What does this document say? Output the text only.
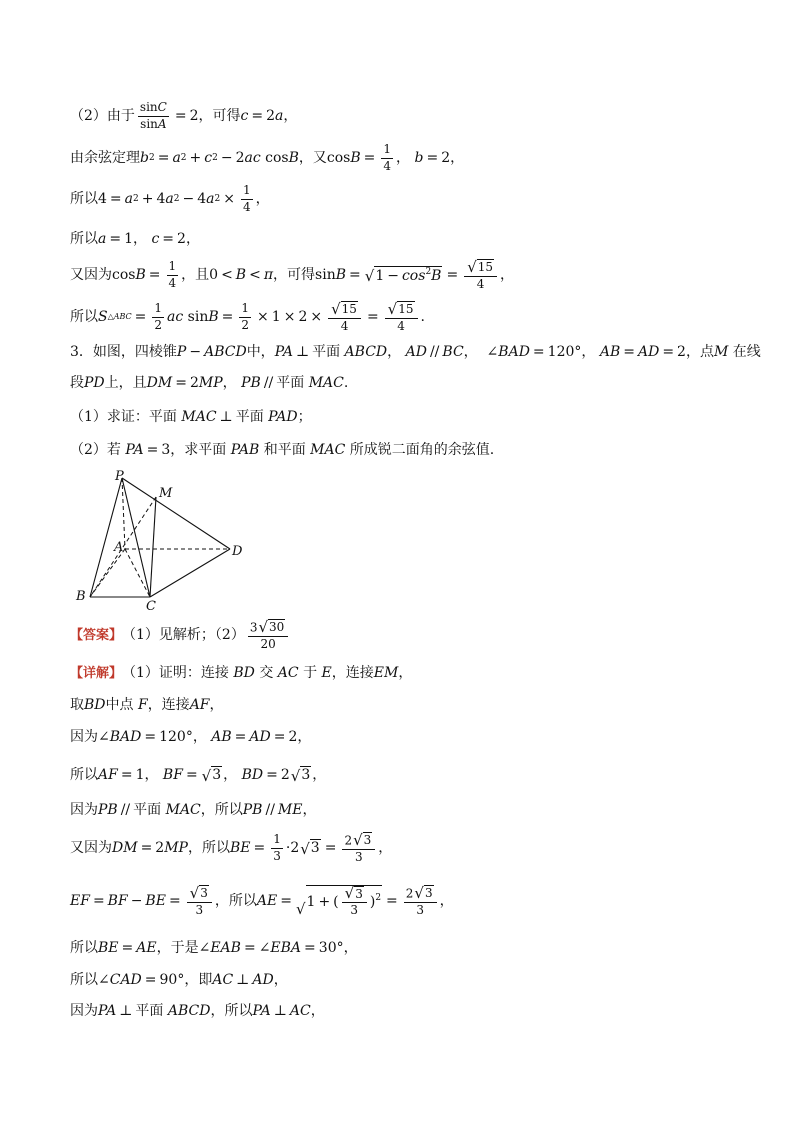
（2）由于 $\frac{\sin C}{\sin A} = 2$ ，可得 c = 2 a ，
由余弦定理 b 2 = a 2 + c 2 − 2 ac cos B ，又 $\cos B = \frac{1}{4}$ ， b = 2，
所以 4 = a 2 + 4 a 2 − 4 a $2 \times \frac{1}{4}$ ，
所以 a = 1， c = 2，
又因为 $\cos B = \frac{1}{4}$ ，且 0 < B < π ，可得 sin B = √ $1 - \cos^2B = \frac{√ 15}{4}$ ，
所以 S △ABC = $\frac{1}{2}$ ac $\sin B = \frac{1}{2} \times 1 \times 2 \times \frac{√ 15}{4} = \frac{√ 15}{4}$ .
3．如图，四棱锥 P − ABCD 中， PA ⊥ 平面 ABCD ， AD // BC ，  ∠ BAD = 120°， AB = AD = 2， 点 M
在线
段 PD 上，且 DM = 2 MP ， PB // 平面 MAC .
（1）求证：平面 MAC ⊥ 平面 PAD ；
（2）若 PA = 3 ，求平面 PAB 和平面 MAC 所成锐二面角的余弦值.
P
M
A	D
B
C
【答案】 （1）见解析；$(2) \frac{3 √ 30}{20}$
【详解】 （1）证明：连接 BD 交 AC 于 E ，连接 EM ，
取 BD 中点 F ，连接 AF ，
因为 ∠ BAD = 120°， AB = AD = 2，
所以 AF = 1， BF = √ 3 ， BD = 2 √ 3 ，
因为 PB // 平面 MAC ，所以 PB // ME ，
又因为 DM = 2 MP ，所以 BE = $\frac{1}{3} \cdot 2$ √ $3 = \frac{2 √ 3}{3}$ ，
EF = BF − BE = $\frac{√ 3}{3}$ ，所以 AE = √ 1 + ( $\frac{√ 3}{3} )^2 = \frac{2 √ 3}{3}$ ，
所以 BE = AE ，于是 ∠ EAB = ∠ EBA = 30°，
所以 ∠ CAD = 90° ，即 AC ⊥ AD ，
因为 PA ⊥ 平面 ABCD ，所以 PA ⊥ AC ，
